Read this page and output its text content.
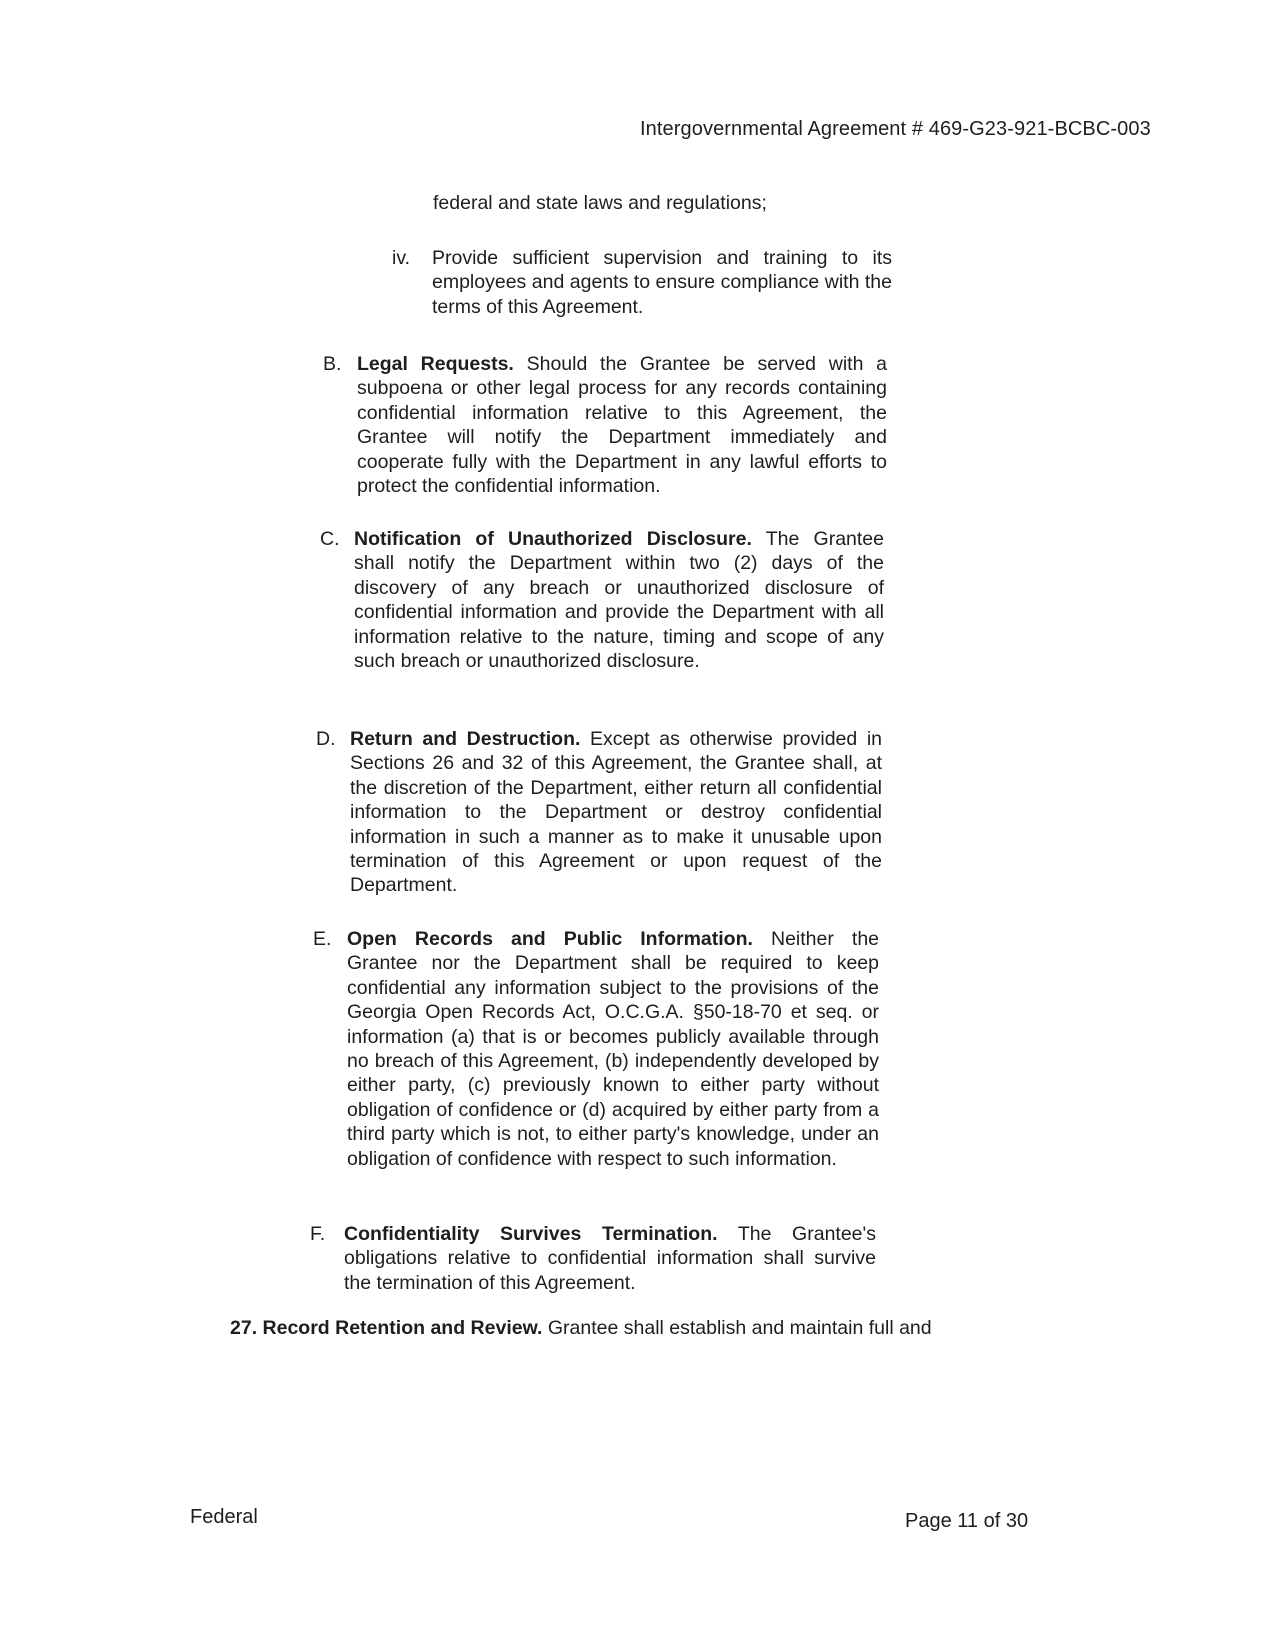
Intergovernmental Agreement # 469-G23-921-BCBC-003
federal and state laws and regulations;
iv.	Provide sufficient supervision and training to its employees and agents to ensure compliance with the terms of this Agreement.
B. Legal Requests. Should the Grantee be served with a subpoena or other legal process for any records containing confidential information relative to this Agreement, the Grantee will notify the Department immediately and cooperate fully with the Department in any lawful efforts to protect the confidential information.
C. Notification of Unauthorized Disclosure. The Grantee shall notify the Department within two (2) days of the discovery of any breach or unauthorized disclosure of confidential information and provide the Department with all information relative to the nature, timing and scope of any such breach or unauthorized disclosure.
D. Return and Destruction. Except as otherwise provided in Sections 26 and 32 of this Agreement, the Grantee shall, at the discretion of the Department, either return all confidential information to the Department or destroy confidential information in such a manner as to make it unusable upon termination of this Agreement or upon request of the Department.
E. Open Records and Public Information. Neither the Grantee nor the Department shall be required to keep confidential any information subject to the provisions of the Georgia Open Records Act, O.C.G.A. §50-18-70 et seq. or information (a) that is or becomes publicly available through no breach of this Agreement, (b) independently developed by either party, (c) previously known to either party without obligation of confidence or (d) acquired by either party from a third party which is not, to either party's knowledge, under an obligation of confidence with respect to such information.
F. Confidentiality Survives Termination. The Grantee's obligations relative to confidential information shall survive the termination of this Agreement.
27. Record Retention and Review. Grantee shall establish and maintain full and
Federal	Page 11 of 30
